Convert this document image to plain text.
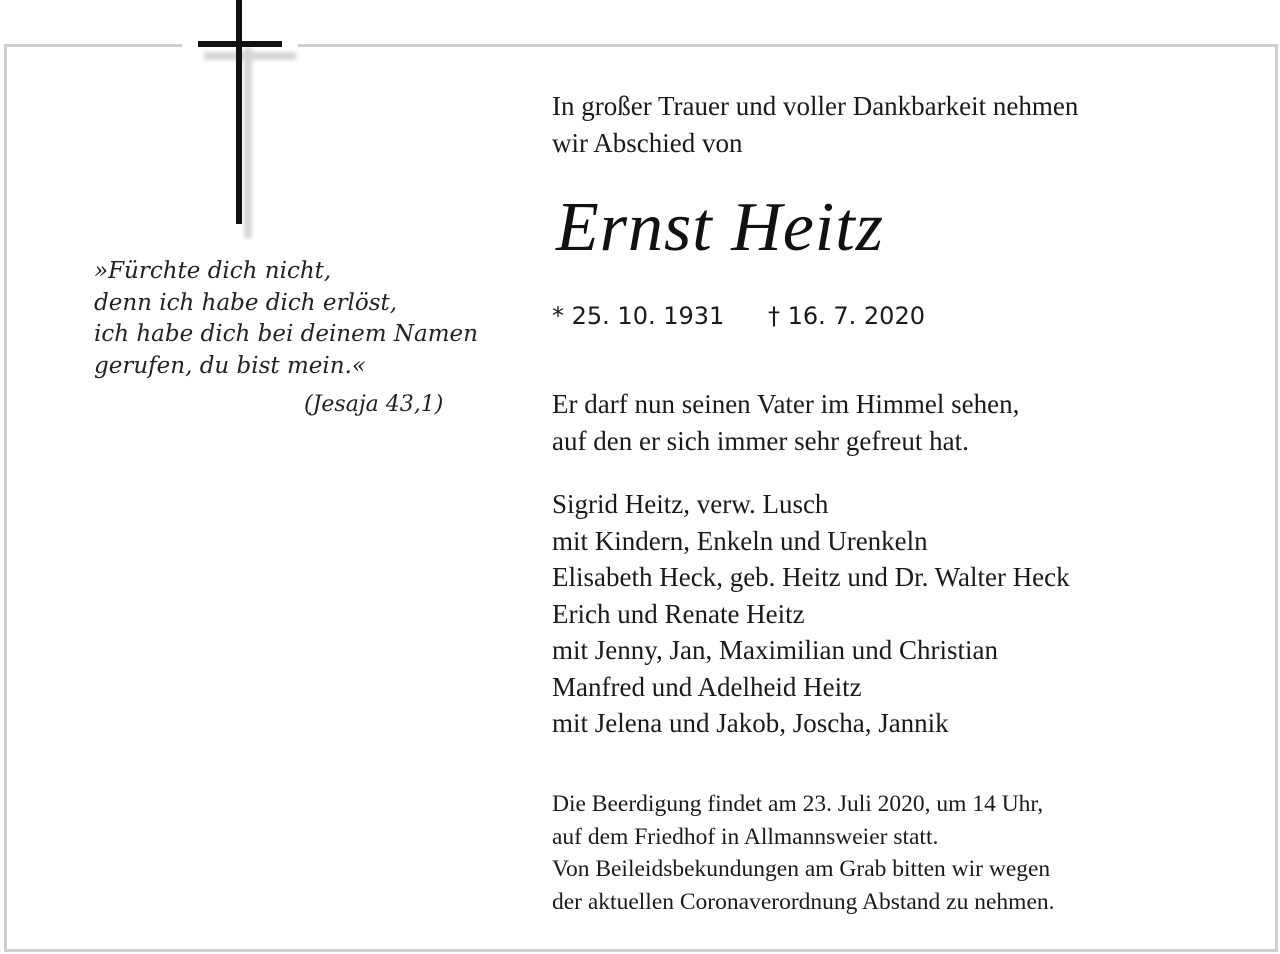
»Fürchte dich nicht,
denn ich habe dich erlöst,
ich habe dich bei deinem Namen
gerufen, du bist mein.«
(Jesaja 43,1)
In großer Trauer und voller Dankbarkeit nehmen
wir Abschied von
Ernst Heitz
* 25. 10. 1931 † 16. 7. 2020
Er darf nun seinen Vater im Himmel sehen,
auf den er sich immer sehr gefreut hat.
Sigrid Heitz, verw. Lusch
mit Kindern, Enkeln und Urenkeln
Elisabeth Heck, geb. Heitz und Dr. Walter Heck
Erich und Renate Heitz
mit Jenny, Jan, Maximilian und Christian
Manfred und Adelheid Heitz
mit Jelena und Jakob, Joscha, Jannik
Die Beerdigung findet am 23. Juli 2020, um 14 Uhr,
auf dem Friedhof in Allmannsweier statt.
Von Beileidsbekundungen am Grab bitten wir wegen
der aktuellen Coronaverordnung Abstand zu nehmen.
